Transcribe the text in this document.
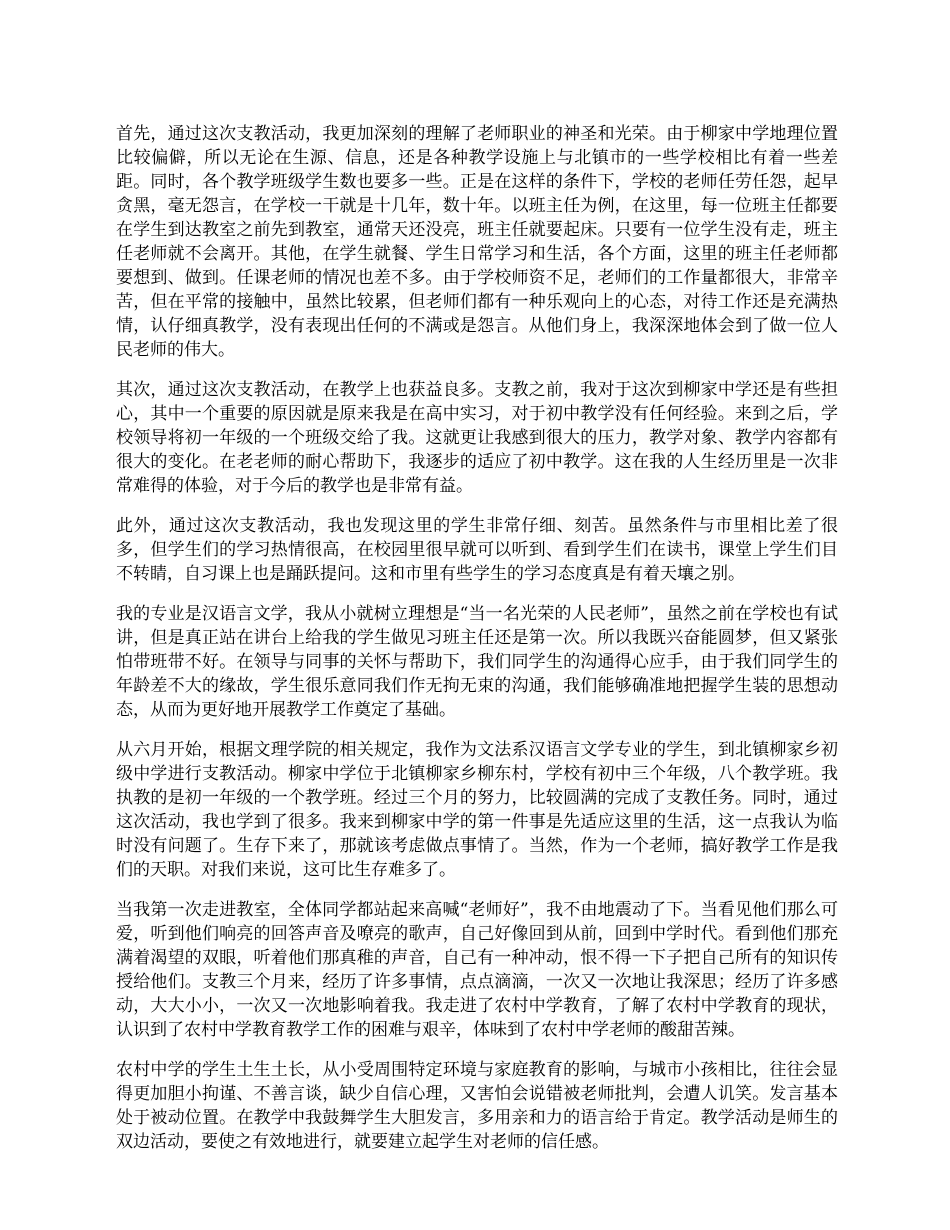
首先，通过这次支教活动，我更加深刻的理解了老师职业的神圣和光荣。由于柳家中学地理位置比较偏僻，所以无论在生源、信息，还是各种教学设施上与北镇市的一些学校相比有着一些差距。同时，各个教学班级学生数也要多一些。正是在这样的条件下，学校的老师任劳任怨，起早贪黑，毫无怨言，在学校一干就是十几年，数十年。以班主任为例，在这里，每一位班主任都要在学生到达教室之前先到教室，通常天还没亮，班主任就要起床。只要有一位学生没有走，班主任老师就不会离开。其他，在学生就餐、学生日常学习和生活，各个方面，这里的班主任老师都要想到、做到。任课老师的情况也差不多。由于学校师资不足，老师们的工作量都很大，非常辛苦，但在平常的接触中，虽然比较累，但老师们都有一种乐观向上的心态，对待工作还是充满热情，认仔细真教学，没有表现出任何的不满或是怨言。从他们身上，我深深地体会到了做一位人民老师的伟大。

其次，通过这次支教活动，在教学上也获益良多。支教之前，我对于这次到柳家中学还是有些担心，其中一个重要的原因就是原来我是在高中实习，对于初中教学没有任何经验。来到之后，学校领导将初一年级的一个班级交给了我。这就更让我感到很大的压力，教学对象、教学内容都有很大的变化。在老老师的耐心帮助下，我逐步的适应了初中教学。这在我的人生经历里是一次非常难得的体验，对于今后的教学也是非常有益。

此外，通过这次支教活动，我也发现这里的学生非常仔细、刻苦。虽然条件与市里相比差了很多，但学生们的学习热情很高，在校园里很早就可以听到、看到学生们在读书，课堂上学生们目不转睛，自习课上也是踊跃提问。这和市里有些学生的学习态度真是有着天壤之别。

我的专业是汉语言文学，我从小就树立理想是“当一名光荣的人民老师”，虽然之前在学校也有试讲，但是真正站在讲台上给我的学生做见习班主任还是第一次。所以我既兴奋能圆梦，但又紧张怕带班带不好。在领导与同事的关怀与帮助下，我们同学生的沟通得心应手，由于我们同学生的年龄差不大的缘故，学生很乐意同我们作无拘无束的沟通，我们能够确准地把握学生装的思想动态，从而为更好地开展教学工作奠定了基础。

从六月开始，根据文理学院的相关规定，我作为文法系汉语言文学专业的学生，到北镇柳家乡初级中学进行支教活动。柳家中学位于北镇柳家乡柳东村，学校有初中三个年级，八个教学班。我执教的是初一年级的一个教学班。经过三个月的努力，比较圆满的完成了支教任务。同时，通过这次活动，我也学到了很多。我来到柳家中学的第一件事是先适应这里的生活，这一点我认为临时没有问题了。生存下来了，那就该考虑做点事情了。当然，作为一个老师，搞好教学工作是我们的天职。对我们来说，这可比生存难多了。

当我第一次走进教室，全体同学都站起来高喊“老师好”，我不由地震动了下。当看见他们那么可爱，听到他们响亮的回答声音及嘹亮的歌声，自己好像回到从前，回到中学时代。看到他们那充满着渴望的双眼，听着他们那真稚的声音，自己有一种冲动，恨不得一下子把自己所有的知识传授给他们。支教三个月来，经历了许多事情，点点滴滴，一次又一次地让我深思；经历了许多感动，大大小小，一次又一次地影响着我。我走进了农村中学教育，了解了农村中学教育的现状，认识到了农村中学教育教学工作的困难与艰辛，体味到了农村中学老师的酸甜苦辣。

农村中学的学生土生土长，从小受周围特定环境与家庭教育的影响，与城市小孩相比，往往会显得更加胆小拘谨、不善言谈，缺少自信心理，又害怕会说错被老师批判，会遭人讥笑。发言基本处于被动位置。在教学中我鼓舞学生大胆发言，多用亲和力的语言给于肯定。教学活动是师生的双边活动，要使之有效地进行，就要建立起学生对老师的信任感。
